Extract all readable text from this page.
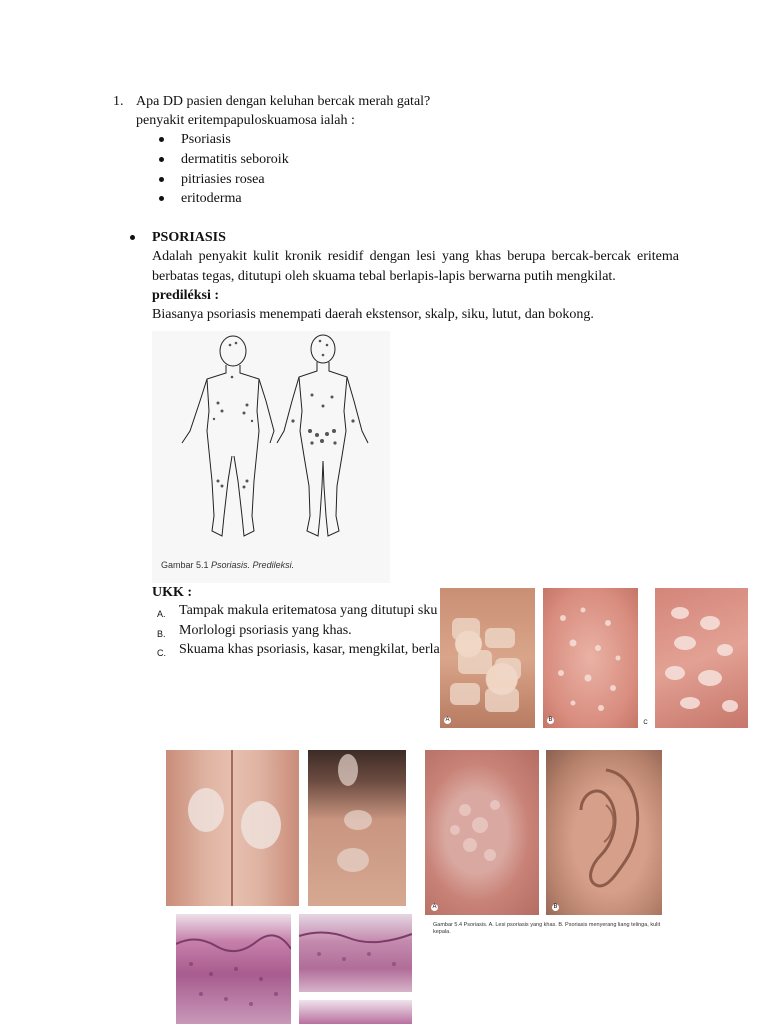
1. Apa DD pasien dengan keluhan bercak merah gatal?
penyakit eritempapuloskuamosa ialah :
Psoriasis
dermatitis seboroik
pitriasies rosea
eritoderma
PSORIASIS
Adalah penyakit kulit kronik residif dengan lesi yang khas berupa bercak-bercak eritema berbatas tegas, ditutupi oleh skuama tebal berlapis-lapis berwarna putih mengkilat.
prediléksi :
Biasanya psoriasis menempati daerah ekstensor, skalp, siku, lutut, dan bokong.
Gambar 5.1 Psoriasis. Predileksi.
UKK :
A. Tampak makula eritematosa yang ditutupi sku
B. Morlologi psoriasis yang khas.
C. Skuama khas psoriasis, kasar, mengkilat, berla
A	B	C
A	B
Gambar 5.4 Psoriasis. A. Lesi psoriasis yang khas. B. Psoriasis menyerang liang telinga, kulit kepala.
